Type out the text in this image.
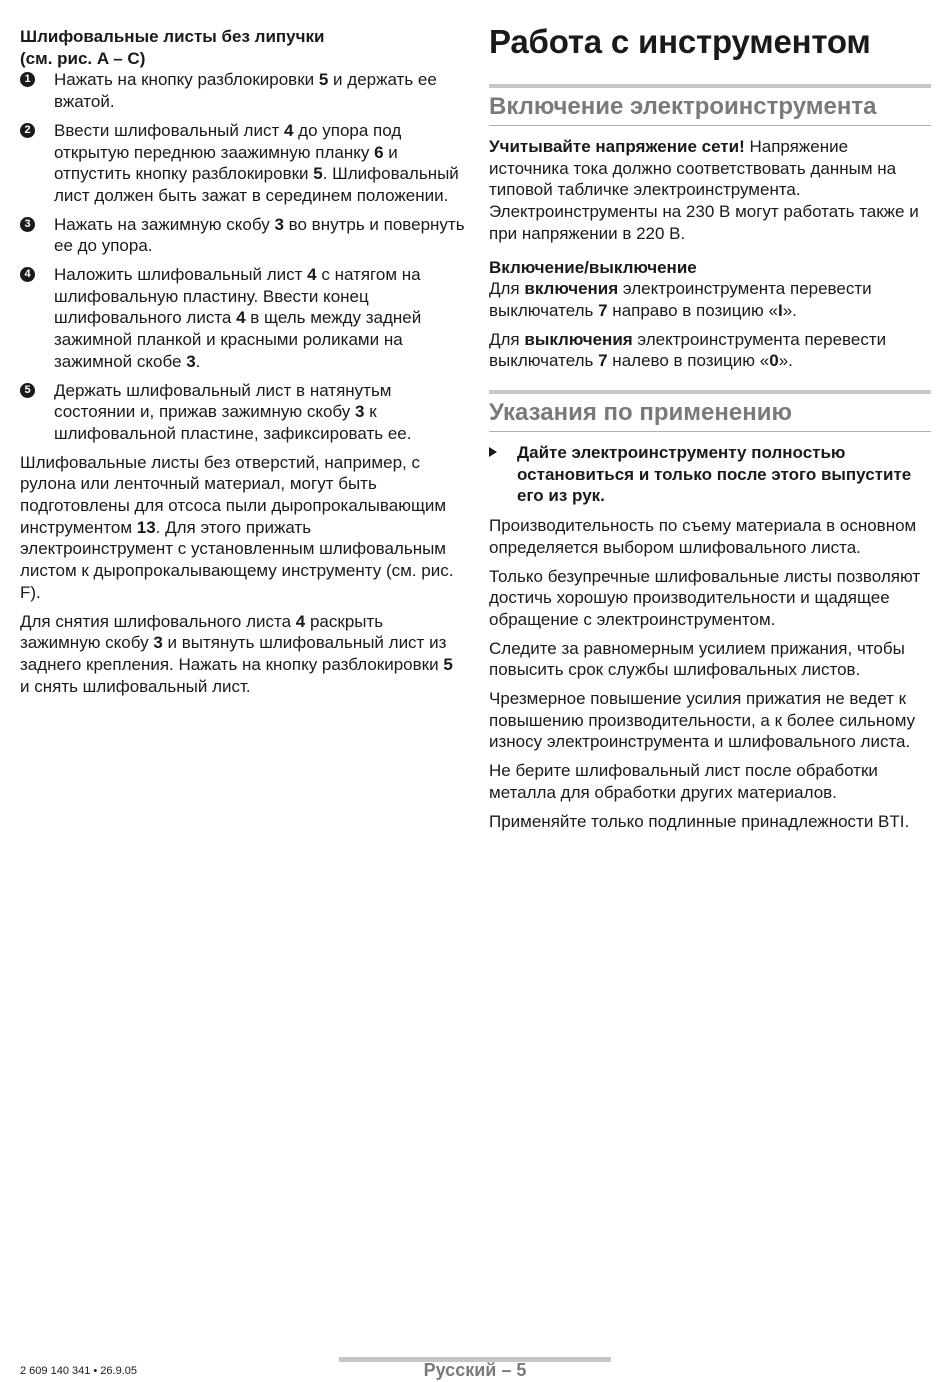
Шлифовальные листы без липучки
(см. рис. A – C)

1 Нажать на кнопку разблокировки 5 и держать ее вжатой.
2 Ввести шлифовальный лист 4 до упора под открытую переднюю заажимную планку 6 и отпустить кнопку разблокировки 5. Шлифовальный лист должен быть зажат в серединем положении.
3 Нажать на зажимную скобу 3 во внутрь и повернуть ее до упора.
4 Наложить шлифовальный лист 4 с натягом на шлифовальную пластину. Ввести конец шлифовального листа 4 в щель между задней зажимной планкой и красными роликами на зажимной скобе 3.
5 Держать шлифовальный лист в натянутьм состоянии и, прижав зажимную скобу 3 к шлифовальной пластине, зафиксировать ее.

Шлифовальные листы без отверстий, например, с рулона или ленточный материал, могут быть подготовлены для отсоса пыли дыропрокалывающим инструментом 13. Для этого прижать электроинструмент с установленным шлифовальным листом к дыропрокалывающему инструменту (см. рис. F).

Для снятия шлифовального листа 4 раскрыть зажимную скобу 3 и вытянуть шлифовальный лист из заднего крепления. Нажать на кнопку разблокировки 5 и снять шлифовальный лист.

Работа с инструментом
Включение электроинструмента

Учитывайте напряжение сети! Напряжение источника тока должно соответствовать данным на типовой табличке электроинструмента. Электроинструменты на 230 В могут работать также и при напряжении в 220 В.

Включение/выключение

Для включения электроинструмента перевести выключатель 7 направо в позицию «I».

Для выключения электроинструмента перевести выключатель 7 налево в позицию «0».

Указания по применению
Дайте электроинструменту полностью остановиться и только после этого выпустите его из рук.

Производительность по съему материала в основном определяется выбором шлифовального листа.

Только безупречные шлифовальные листы позволяют достичь хорошую производительности и щадящее обращение с электроинструментом.

Следите за равномерным усилием прижания, чтобы повысить срок службы шлифовальных листов.

Чрезмерное повышение усилия прижатия не ведет к повышению производительности, а к более сильному износу электроинструмента и шлифовального листа.

Не берите шлифовальный лист после обработки металла для обработки других материалов.

Применяйте только подлинные принадлежности BTI.

2 609 140 341 • 26.9.05	Русский – 5
